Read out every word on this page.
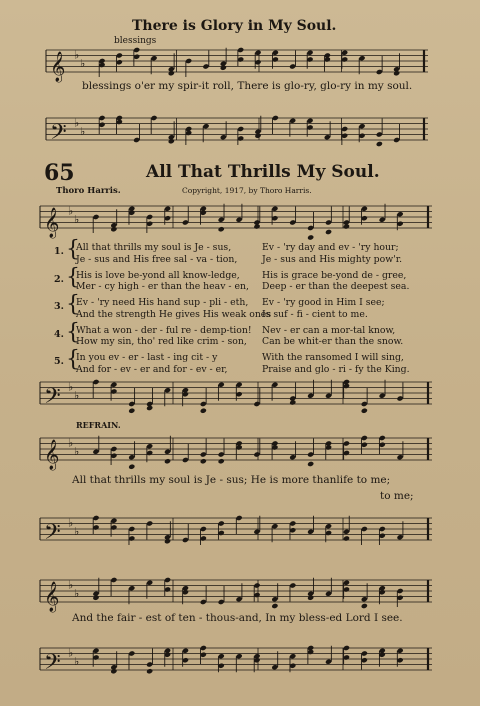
There is Glory in My Soul.
blessings
𝄞 ♭
♭
blessings o'er my spir-it roll, There is glo-ry, glo-ry in my soul.
𝄢 ♭
♭
65	All That Thrills My Soul.
Thoro Harris.	Copyright, 1917, by Thoro Harris.
𝄞 ♭
♭
1. {
All that thrills my soul is Je - sus,
Je - sus and His free sal - va - tion,
Ev - 'ry day and ev - 'ry hour;
Je - sus and His mighty pow'r.
2. {
His is love be-yond all know-ledge,
Mer - cy high - er than the heav - en,
His is grace be-yond de - gree,
Deep - er than the deepest sea.
3. {
Ev - 'ry need His hand sup - pli - eth,
And the strength He gives His weak ones
Ev - 'ry good in Him I see;
Is suf - fi - cient to me.
4. {
What a won - der - ful re - demp-tion!
How my sin, tho' red like crim - son,
Nev - er can a mor-tal know,
Can be whit-er than the snow.
5. {
In you ev - er - last - ing cit - y
And for - ev - er and for - ev - er,
With the ransomed I will sing,
Praise and glo - ri - fy the King.
𝄢 ♭
♭
REFRAIN.
𝄞 ♭
♭
All that thrills my soul is Je - sus; He is more thanlife to me;
to me;
𝄢 ♭
♭
𝄞 ♭
♭
And the fair - est of ten - thous-and, In my bless-ed Lord I see.
𝄢 ♭
♭
